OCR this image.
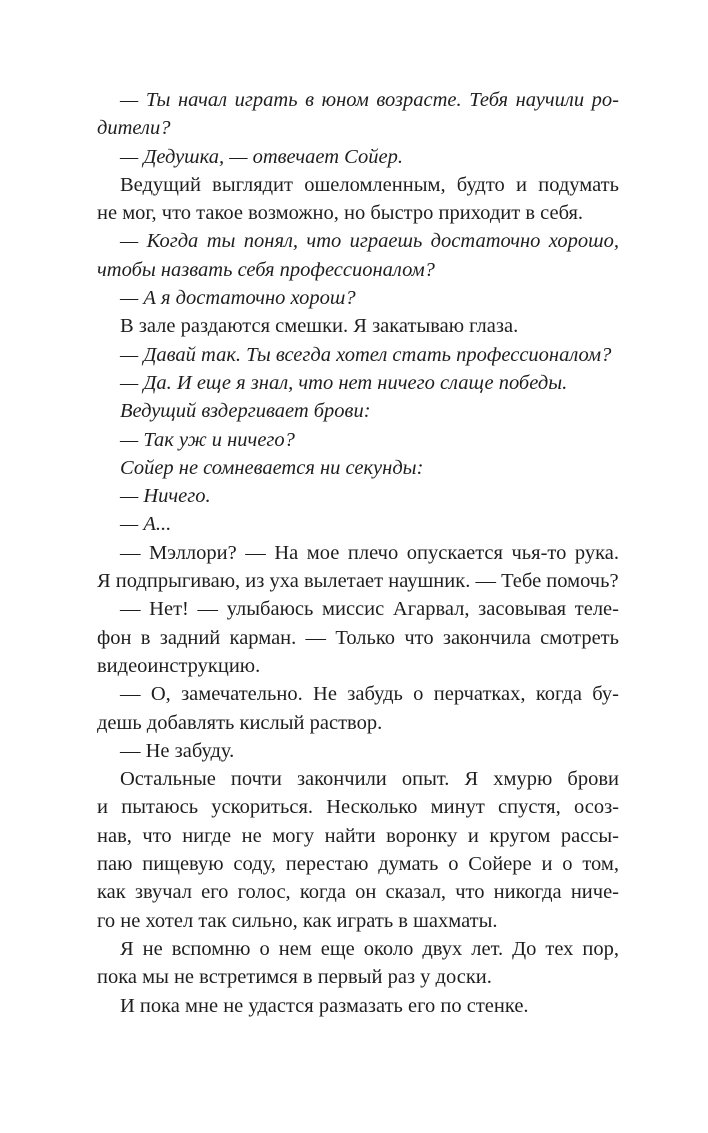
— Ты начал играть в юном возрасте. Тебя научили ро-
дители?
— Дедушка, — отвечает Сойер.
Ведущий выглядит ошеломленным, будто и подумать
не мог, что такое возможно, но быстро приходит в себя.
— Когда ты понял, что играешь достаточно хорошо,
чтобы назвать себя профессионалом?
— А я достаточно хорош?
В зале раздаются смешки. Я закатываю глаза.
— Давай так. Ты всегда хотел стать профессионалом?
— Да. И еще я знал, что нет ничего слаще победы.
Ведущий вздергивает брови:
— Так уж и ничего?
Сойер не сомневается ни секунды:
— Ничего.
— А...
— Мэллори? — На мое плечо опускается чья-то рука.
Я подпрыгиваю, из уха вылетает наушник. — Тебе помочь?
— Нет! — улыбаюсь миссис Агарвал, засовывая теле-
фон в задний карман. — Только что закончила смотреть
видеоинструкцию.
— О, замечательно. Не забудь о перчатках, когда бу-
дешь добавлять кислый раствор.
— Не забуду.
Остальные почти закончили опыт. Я хмурю брови
и пытаюсь ускориться. Несколько минут спустя, осоз-
нав, что нигде не могу найти воронку и кругом рассы-
паю пищевую соду, перестаю думать о Сойере и о том,
как звучал его голос, когда он сказал, что никогда ниче-
го не хотел так сильно, как играть в шахматы.
Я не вспомню о нем еще около двух лет. До тех пор,
пока мы не встретимся в первый раз у доски.
И пока мне не удастся размазать его по стенке.
